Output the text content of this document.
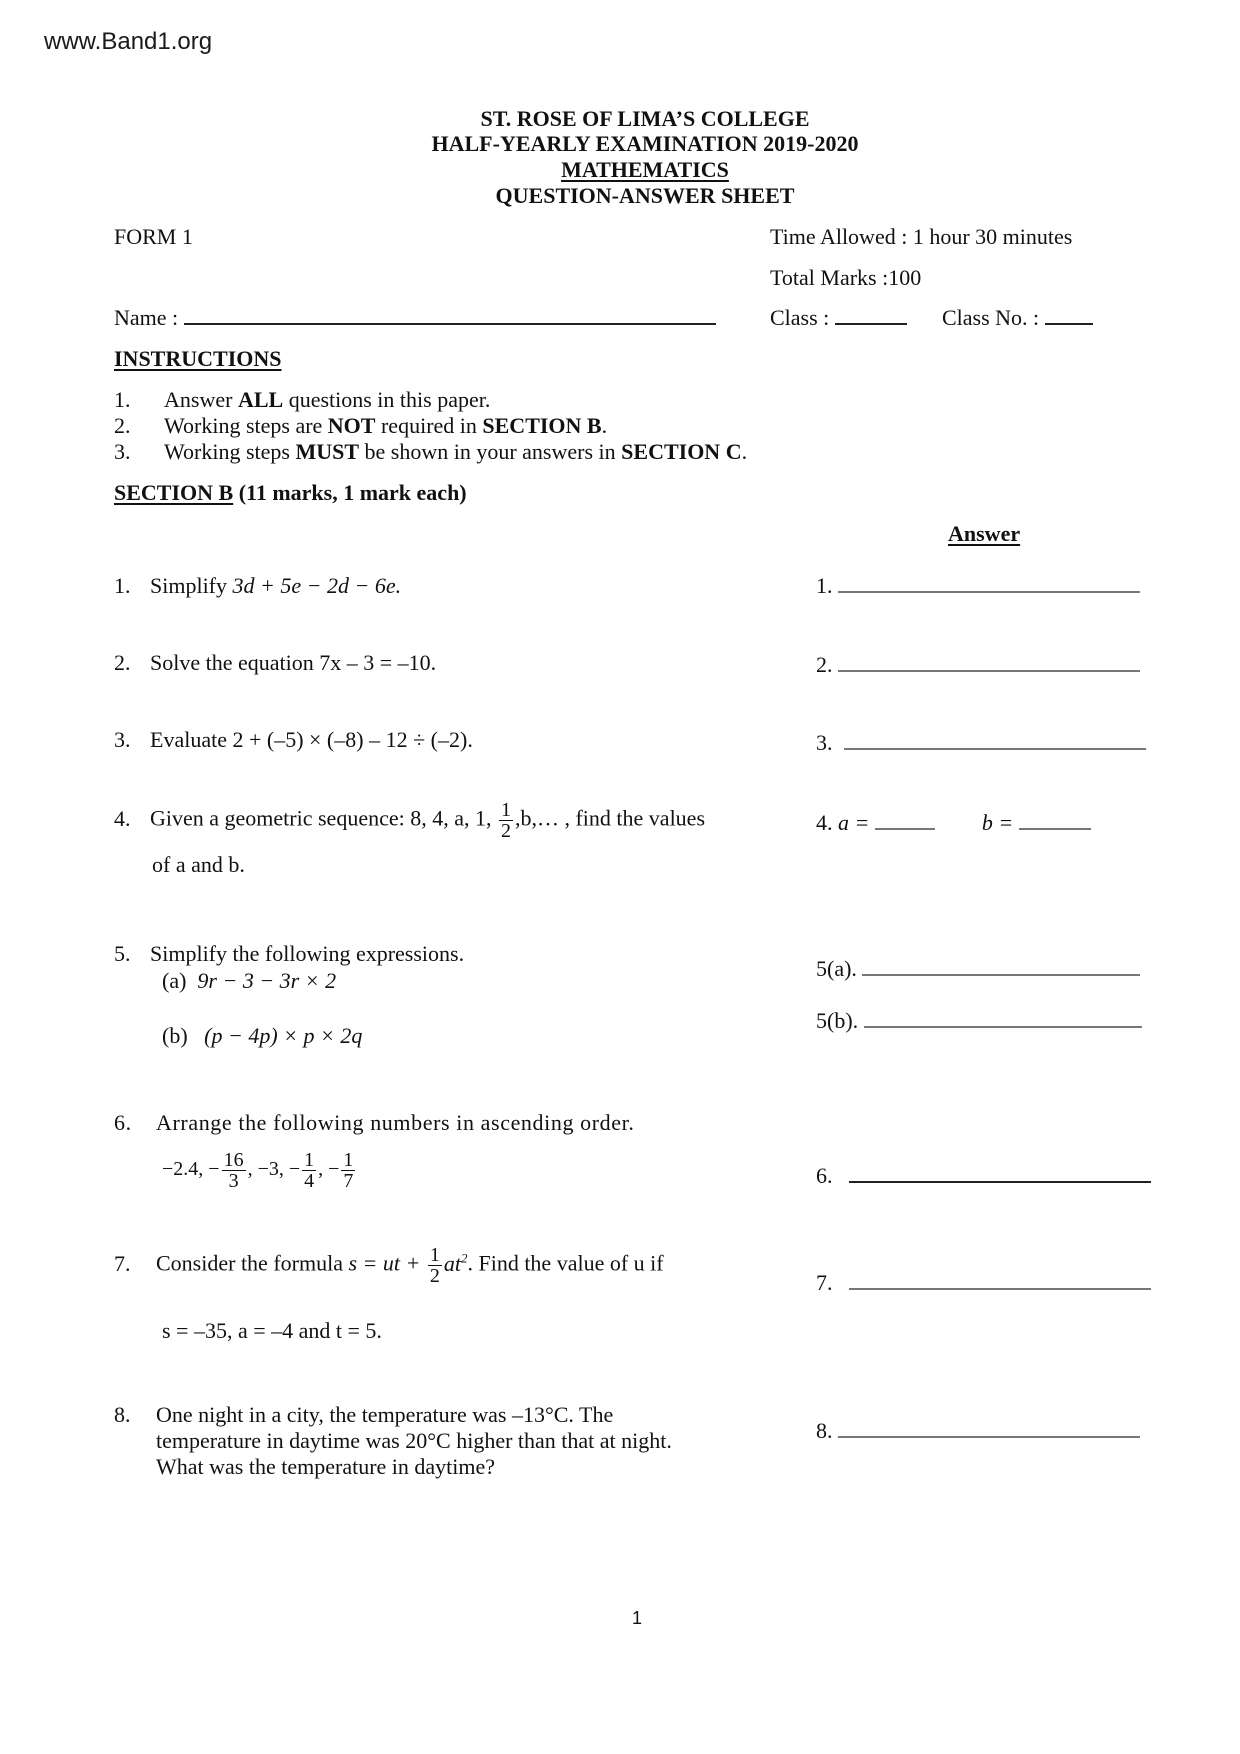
www.Band1.org
ST. ROSE OF LIMA’S COLLEGE
HALF-YEARLY EXAMINATION 2019-2020
MATHEMATICS
QUESTION-ANSWER SHEET
FORM 1	Time Allowed : 1 hour 30 minutes
Total Marks :100
Name :	Class :	Class No. :
INSTRUCTIONS
1. Answer ALL questions in this paper.
2. Working steps are NOT required in SECTION B.
3. Working steps MUST be shown in your answers in SECTION C.
SECTION B (11 marks, 1 mark each)
Answer
1. Simplify 3d + 5e − 2d − 6e.
2. Solve the equation 7x – 3 = –10.
3. Evaluate 2 + (–5) × (–8) – 12 ÷ (–2).
4. Given a geometric sequence: 8, 4, a, 1, $\frac{1}{2}$ ,b,… , find the values
of a and b.
5. Simplify the following expressions.
(a) 9r − 3 − 3r × 2
(b) (p − 4p) × p × 2q
6. Arrange the following numbers in ascending order.
−2.4, − $\frac{16}{3}$ , −3, − $\frac{1}{4}$ , − $\frac{1}{7}$
7. Consider the formula s = ut + $\frac{1}{2} at^2$. Find the value of u if
s = –35, a = –4 and t = 5.
8. One night in a city, the temperature was –13°C. The
temperature in daytime was 20°C higher than that at night.
What was the temperature in daytime?
1.
2.
3.
4. a =	b =
5(a).
5(b).
6.
7.
8.
1
